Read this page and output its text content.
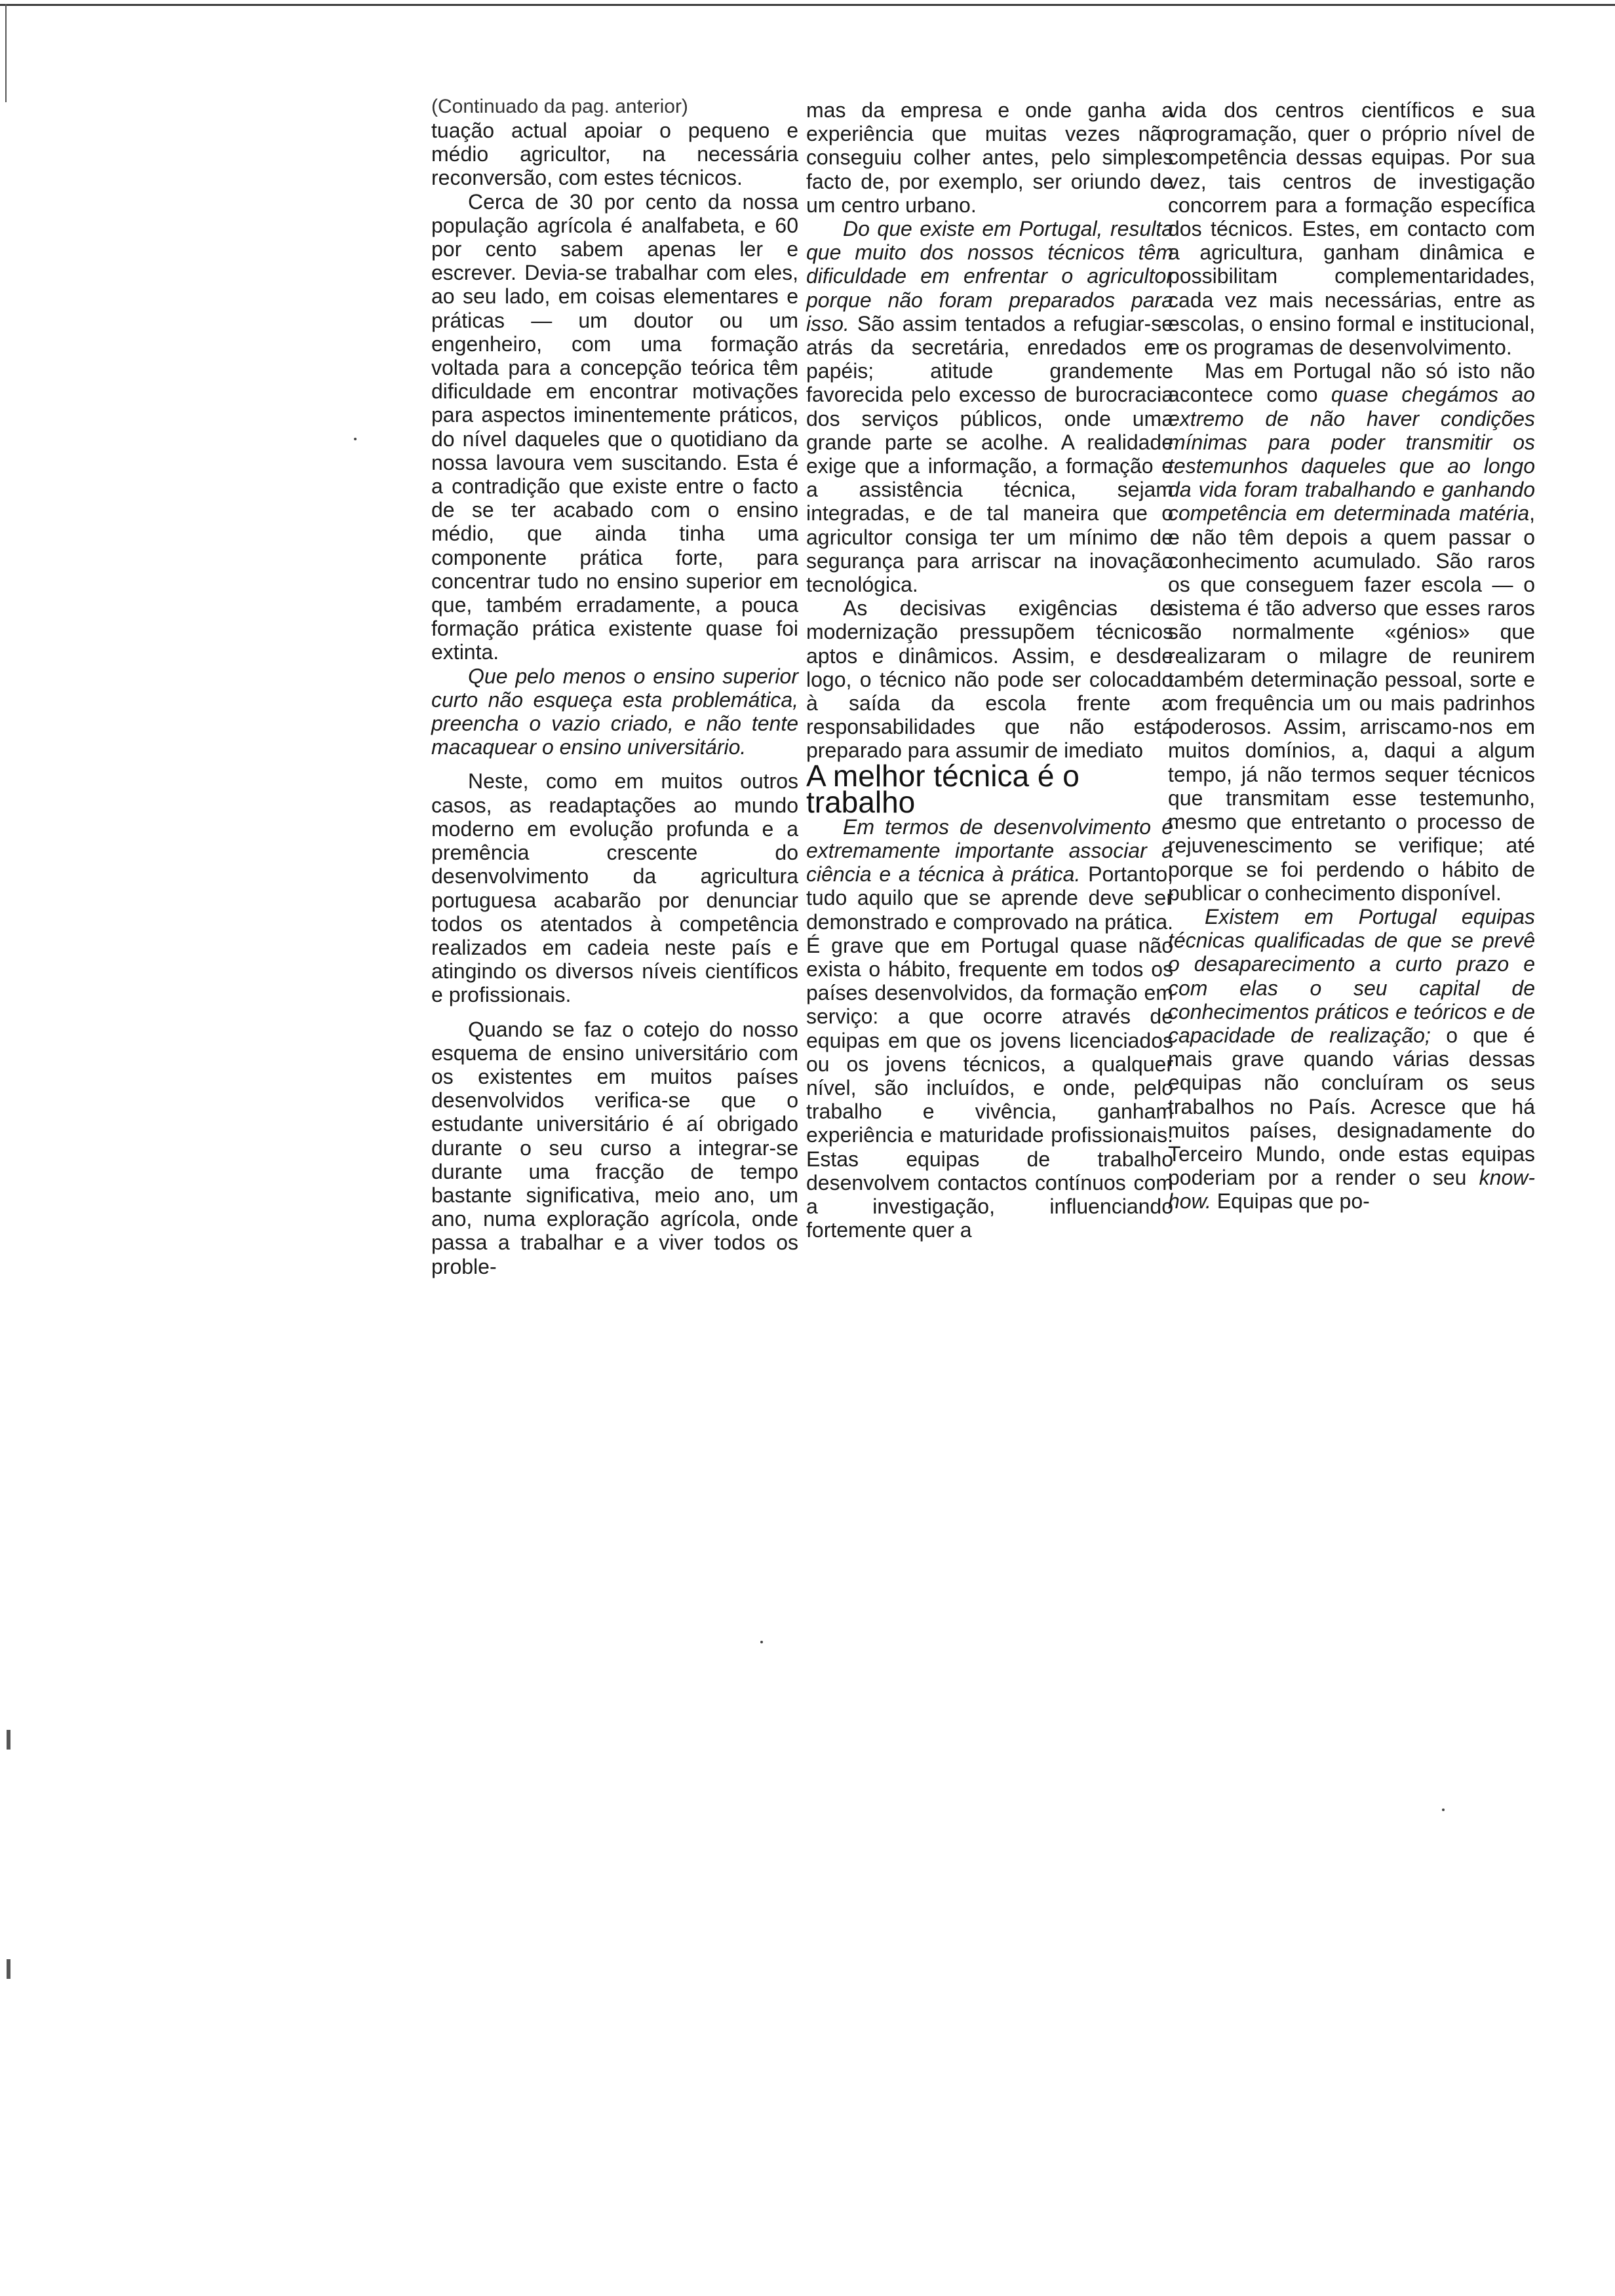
(Continuado da pag. anterior)

tuação actual apoiar o pequeno e médio agricultor, na necessária reconversão, com estes técnicos.

Cerca de 30 por cento da nossa população agrícola é analfabeta, e 60 por cento sabem apenas ler e escrever. Devia-se trabalhar com eles, ao seu lado, em coisas elementares e práticas — um doutor ou um engenheiro, com uma formação voltada para a concepção teórica têm dificuldade em encontrar motivações para aspectos iminentemente práticos, do nível daqueles que o quotidiano da nossa lavoura vem suscitando. Esta é a contradição que existe entre o facto de se ter acabado com o ensino médio, que ainda tinha uma componente prática forte, para concentrar tudo no ensino superior em que, também erradamente, a pouca formação prática existente quase foi extinta.

Que pelo menos o ensino superior curto não esqueça esta problemática, preencha o vazio criado, e não tente macaquear o ensino universitário.

Neste, como em muitos outros casos, as readaptações ao mundo moderno em evolução profunda e a premência crescente do desenvolvimento da agricultura portuguesa acabarão por denunciar todos os atentados à competência realizados em cadeia neste país e atingindo os diversos níveis científicos e profissionais.

Quando se faz o cotejo do nosso esquema de ensino universitário com os existentes em muitos países desenvolvidos verifica-se que o estudante universitário é aí obrigado durante o seu curso a integrar-se durante uma fracção de tempo bastante significativa, meio ano, um ano, numa exploração agrícola, onde passa a trabalhar e a viver todos os proble-

mas da empresa e onde ganha a experiência que muitas vezes não conseguiu colher antes, pelo simples facto de, por exemplo, ser oriundo de um centro urbano.

Do que existe em Portugal, resulta que muito dos nossos técnicos têm dificuldade em enfrentar o agricultor porque não foram preparados para isso. São assim tentados a refugiar-se atrás da secretária, enredados em papéis; atitude grandemente favorecida pelo excesso de burocracia dos serviços públicos, onde uma grande parte se acolhe. A realidade exige que a informação, a formação e a assistência técnica, sejam integradas, e de tal maneira que o agricultor consiga ter um mínimo de segurança para arriscar na inovação tecnológica.

As decisivas exigências de modernização pressupõem técnicos aptos e dinâmicos. Assim, e desde logo, o técnico não pode ser colocado à saída da escola frente a responsabilidades que não está preparado para assumir de imediato

A melhor técnica é o trabalho

Em termos de desenvolvimento é extremamente importante associar a ciência e a técnica à prática. Portanto, tudo aquilo que se aprende deve ser demonstrado e comprovado na prática. É grave que em Portugal quase não exista o hábito, frequente em todos os países desenvolvidos, da formação em serviço: a que ocorre através de equipas em que os jovens licenciados ou os jovens técnicos, a qualquer nível, são incluídos, e onde, pelo trabalho e vivência, ganham experiência e maturidade profissionais. Estas equipas de trabalho desenvolvem contactos contínuos com a investigação, influenciando fortemente quer a

vida dos centros científicos e sua programação, quer o próprio nível de competência dessas equipas. Por sua vez, tais centros de investigação concorrem para a formação específica dos técnicos. Estes, em contacto com a agricultura, ganham dinâmica e possibilitam complementaridades, cada vez mais necessárias, entre as escolas, o ensino formal e institucional, e os programas de desenvolvimento.

Mas em Portugal não só isto não acontece como quase chegámos ao extremo de não haver condições mínimas para poder transmitir os testemunhos daqueles que ao longo da vida foram trabalhando e ganhando competência em determinada matéria, e não têm depois a quem passar o conhecimento acumulado. São raros os que conseguem fazer escola — o sistema é tão adverso que esses raros são normalmente «génios» que realizaram o milagre de reunirem também determinação pessoal, sorte e com frequência um ou mais padrinhos poderosos. Assim, arriscamo-nos em muitos domínios, a, daqui a algum tempo, já não termos sequer técnicos que transmitam esse testemunho, mesmo que entretanto o processo de rejuvenescimento se verifique; até porque se foi perdendo o hábito de publicar o conhecimento disponível.

Existem em Portugal equipas técnicas qualificadas de que se prevê o desaparecimento a curto prazo e com elas o seu capital de conhecimentos práticos e teóricos e de capacidade de realização; o que é mais grave quando várias dessas equipas não concluíram os seus trabalhos no País. Acresce que há muitos países, designadamente do Terceiro Mundo, onde estas equipas poderiam por a render o seu know-how. Equipas que po-
